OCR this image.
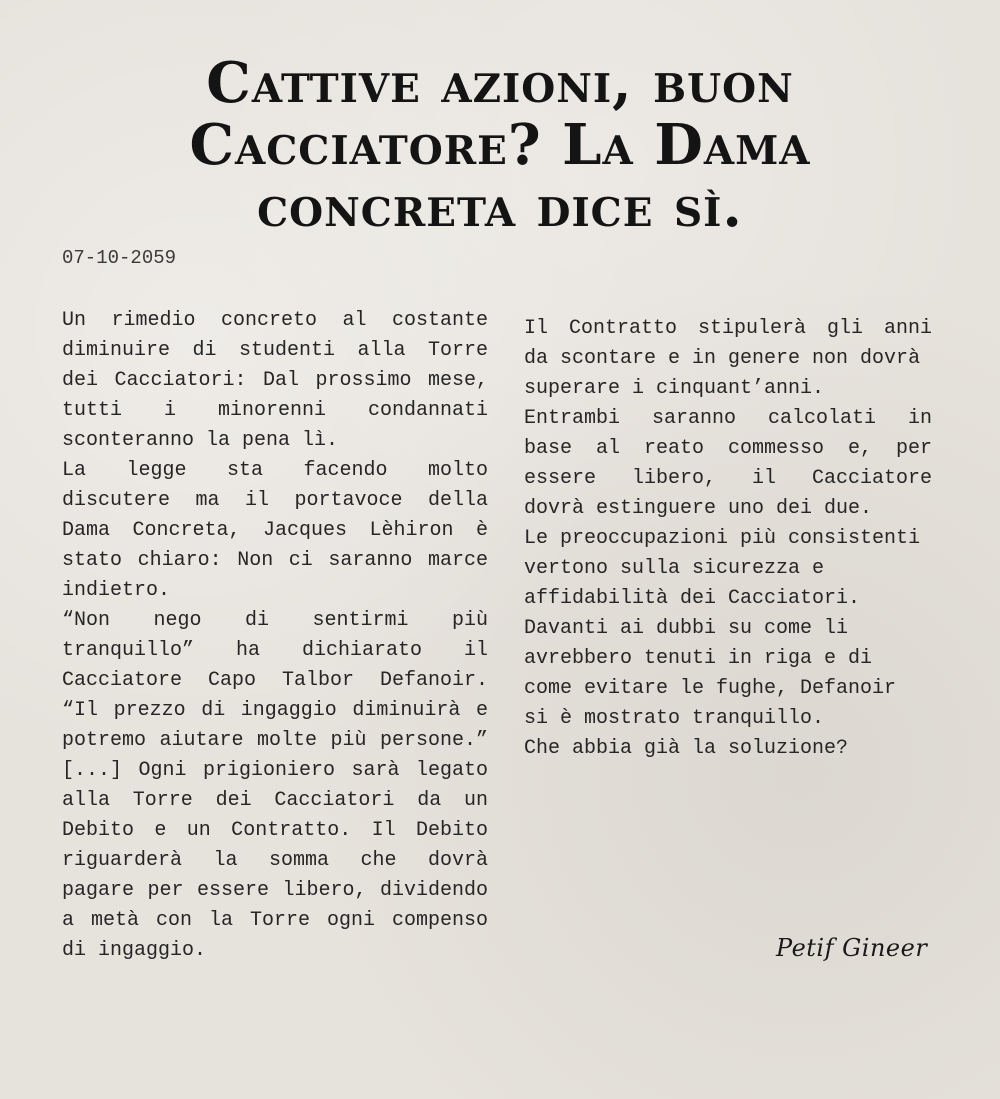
Cattive azioni, buon Cacciatore? La Dama concreta dice sì.
07-10-2059

Un rimedio concreto al costante diminuire di studenti alla Torre dei Cacciatori: Dal prossimo mese, tutti i minorenni condannati sconteranno la pena lì.

La legge sta facendo molto discutere ma il portavoce della Dama Concreta, Jacques Lèhiron è stato chiaro: Non ci saranno marce indietro.

“Non nego di sentirmi più tranquillo” ha dichiarato il Cacciatore Capo Talbor Defanoir. “Il prezzo di ingaggio diminuirà e potremo aiutare molte più persone.” [...] Ogni prigioniero sarà legato alla Torre dei Cacciatori da un Debito e un Contratto. Il Debito riguarderà la somma che dovrà pagare per essere libero, dividendo a metà con la Torre ogni compenso di ingaggio.

Il Contratto stipulerà gli anni da scontare e in genere non dovrà

superare i cinquant’anni.

Entrambi saranno calcolati in base al reato commesso e, per essere libero, il Cacciatore dovrà estinguere uno dei due.

Le preoccupazioni più consistenti vertono sulla sicurezza e affidabilità dei Cacciatori. Davanti ai dubbi su come li avrebbero tenuti in riga e di come evitare le fughe, Defanoir si è mostrato tranquillo.

Che abbia già la soluzione?

Petif Gineer
